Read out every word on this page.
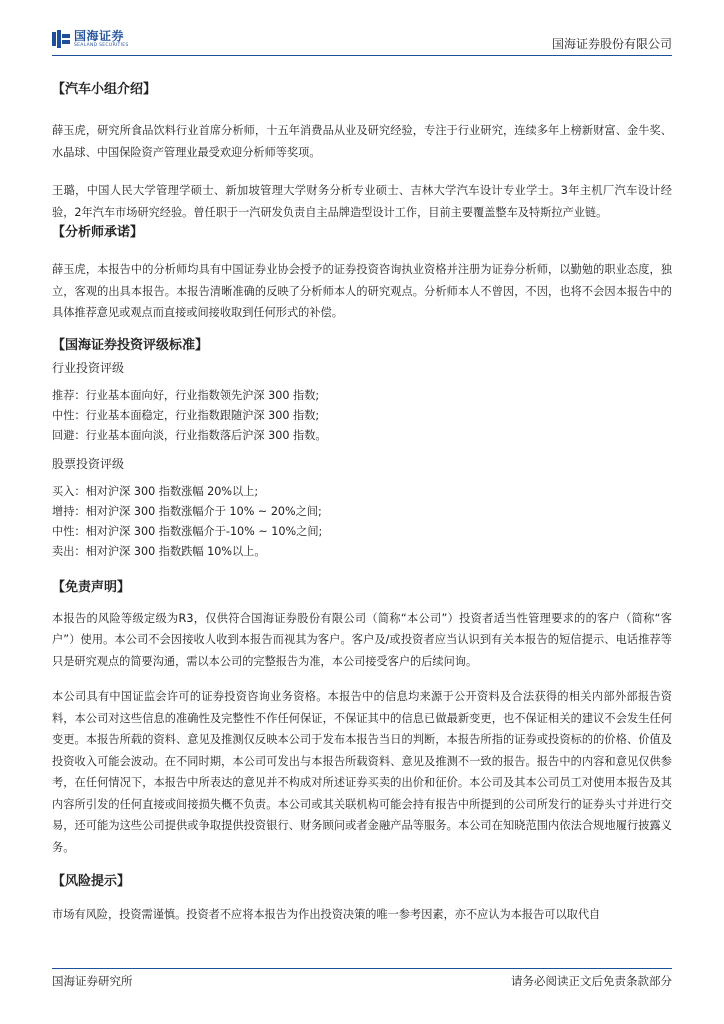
国海证券
SEALAND SECURITIES	国海证券股份有限公司
【汽车小组介绍】

薛玉虎，研究所食品饮料行业首席分析师，十五年消费品从业及研究经验，专注于行业研究，连续多年上榜新财富、金牛奖、水晶球、中国保险资产管理业最受欢迎分析师等奖项。

王璐，中国人民大学管理学硕士、新加坡管理大学财务分析专业硕士、吉林大学汽车设计专业学士。3年主机厂汽车设计经验，2年汽车市场研究经验。曾任职于一汽研发负责自主品牌造型设计工作，目前主要覆盖整车及特斯拉产业链。

【分析师承诺】

薛玉虎，本报告中的分析师均具有中国证券业协会授予的证券投资咨询执业资格并注册为证券分析师，以勤勉的职业态度，独立，客观的出具本报告。本报告清晰准确的反映了分析师本人的研究观点。分析师本人不曾因，不因，也将不会因本报告中的具体推荐意见或观点而直接或间接收取到任何形式的补偿。

【国海证券投资评级标准】
行业投资评级
推荐：行业基本面向好，行业指数领先沪深 300 指数;
中性：行业基本面稳定，行业指数跟随沪深 300 指数;
回避：行业基本面向淡，行业指数落后沪深 300 指数。
股票投资评级
买入：相对沪深 300 指数涨幅 20%以上;
增持：相对沪深 300 指数涨幅介于 10% ~ 20%之间;
中性：相对沪深 300 指数涨幅介于-10% ~ 10%之间;
卖出：相对沪深 300 指数跌幅 10%以上。
【免责声明】

本报告的风险等级定级为R3，仅供符合国海证券股份有限公司（简称“本公司”）投资者适当性管理要求的的客户（简称“客户”）使用。本公司不会因接收人收到本报告而视其为客户。客户及/或投资者应当认识到有关本报告的短信提示、电话推荐等只是研究观点的简要沟通，需以本公司的完整报告为准，本公司接受客户的后续问询。

本公司具有中国证监会许可的证券投资咨询业务资格。本报告中的信息均来源于公开资料及合法获得的相关内部外部报告资料，本公司对这些信息的准确性及完整性不作任何保证，不保证其中的信息已做最新变更，也不保证相关的建议不会发生任何变更。本报告所载的资料、意见及推测仅反映本公司于发布本报告当日的判断，本报告所指的证券或投资标的的价格、价值及投资收入可能会波动。在不同时期，本公司可发出与本报告所载资料、意见及推测不一致的报告。报告中的内容和意见仅供参考，在任何情况下，本报告中所表达的意见并不构成对所述证券买卖的出价和征价。本公司及其本公司员工对使用本报告及其内容所引发的任何直接或间接损失概不负责。本公司或其关联机构可能会持有报告中所提到的公司所发行的证券头寸并进行交易，还可能为这些公司提供或争取提供投资银行、财务顾问或者金融产品等服务。本公司在知晓范围内依法合规地履行披露义务。

【风险提示】

市场有风险，投资需谨慎。投资者不应将本报告为作出投资决策的唯一参考因素，亦不应认为本报告可以取代自

国海证券研究所	请务必阅读正文后免责条款部分
